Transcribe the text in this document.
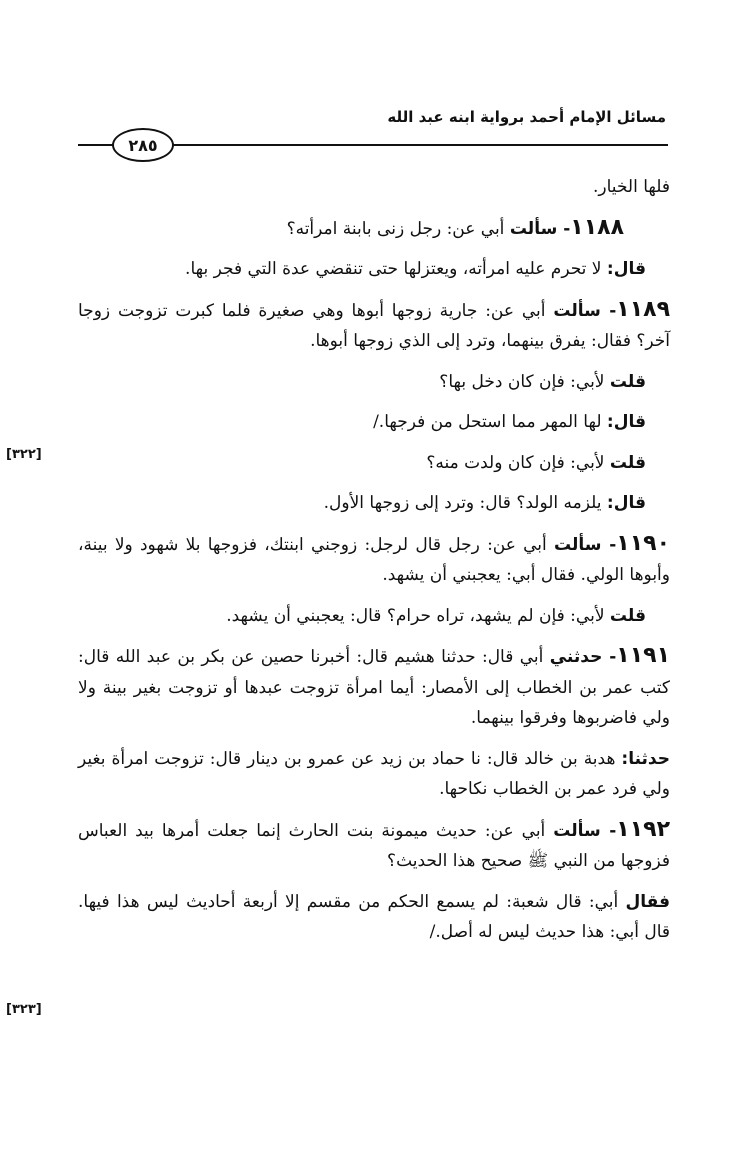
مسائل الإمام أحمد برواية ابنه عبد الله
٢٨٥

فلها الخيار.

١١٨٨- سألت أبي عن: رجل زنى بابنة امرأته؟

قال: لا تحرم عليه امرأته، ويعتزلها حتى تنقضي عدة التي فجر بها.

١١٨٩- سألت أبي عن: جارية زوجها أبوها وهي صغيرة فلما كبرت تزوجت زوجا آخر؟ فقال: يفرق بينهما، وترد إلى الذي زوجها أبوها.

قلت لأبي: فإن كان دخل بها؟

قال: لها المهر مما استحل من فرجها./

قلت لأبي: فإن كان ولدت منه؟

قال: يلزمه الولد؟ قال: وترد إلى زوجها الأول.

١١٩٠- سألت أبي عن: رجل قال لرجل: زوجني ابنتك، فزوجها بلا شهود ولا بينة، وأبوها الولي. فقال أبي: يعجبني أن يشهد.

قلت لأبي: فإن لم يشهد، تراه حرام؟ قال: يعجبني أن يشهد.

١١٩١- حدثني أبي قال: حدثنا هشيم قال: أخبرنا حصين عن بكر بن عبد الله قال: كتب عمر بن الخطاب إلى الأمصار: أيما امرأة تزوجت عبدها أو تزوجت بغير بينة ولا ولي فاضربوها وفرقوا بينهما.

حدثنا: هدبة بن خالد قال: نا حماد بن زيد عن عمرو بن دينار قال: تزوجت امرأة بغير ولي فرد عمر بن الخطاب نكاحها.

١١٩٢- سألت أبي عن: حديث ميمونة بنت الحارث إنما جعلت أمرها بيد العباس فزوجها من النبي ﷺ صحيح هذا الحديث؟

فقال أبي: قال شعبة: لم يسمع الحكم من مقسم إلا أربعة أحاديث ليس هذا فيها. قال أبي: هذا حديث ليس له أصل./

[٣٢٢]
[٣٢٣]
